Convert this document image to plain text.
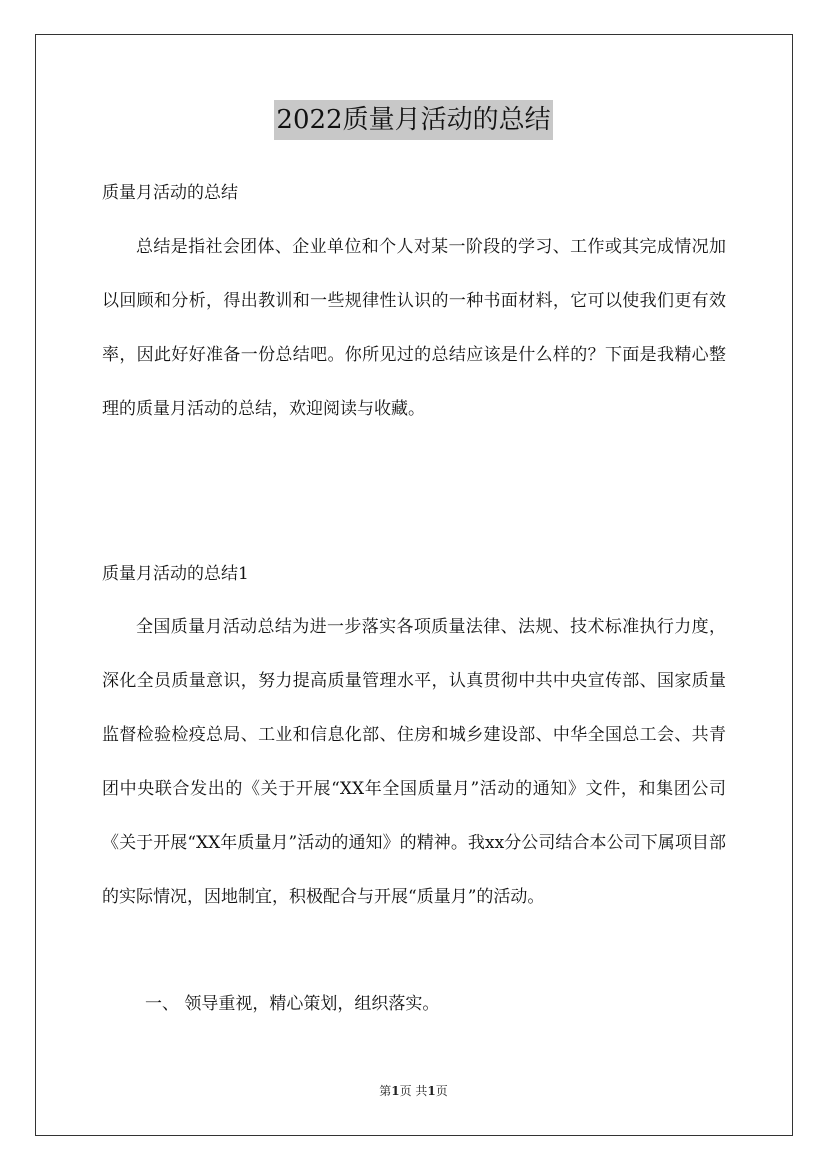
2022质量月活动的总结
质量月活动的总结

总结是指社会团体、企业单位和个人对某一阶段的学习、工作或其完成情况加以回顾和分析，得出教训和一些规律性认识的一种书面材料，它可以使我们更有效率，因此好好准备一份总结吧。你所见过的总结应该是什么样的？下面是我精心整理的质量月活动的总结，欢迎阅读与收藏。

质量月活动的总结1

全国质量月活动总结为进一步落实各项质量法律、法规、技术标准执行力度，深化全员质量意识，努力提高质量管理水平，认真贯彻中共中央宣传部、国家质量监督检验检疫总局、工业和信息化部、住房和城乡建设部、中华全国总工会、共青团中央联合发出的《关于开展“XX年全国质量月”活动的通知》文件，和集团公司《关于开展“XX年质量月”活动的通知》的精神。我xx分公司结合本公司下属项目部的实际情况，因地制宜，积极配合与开展“质量月”的活动。

一、 领导重视，精心策划，组织落实。
第1页 共1页
